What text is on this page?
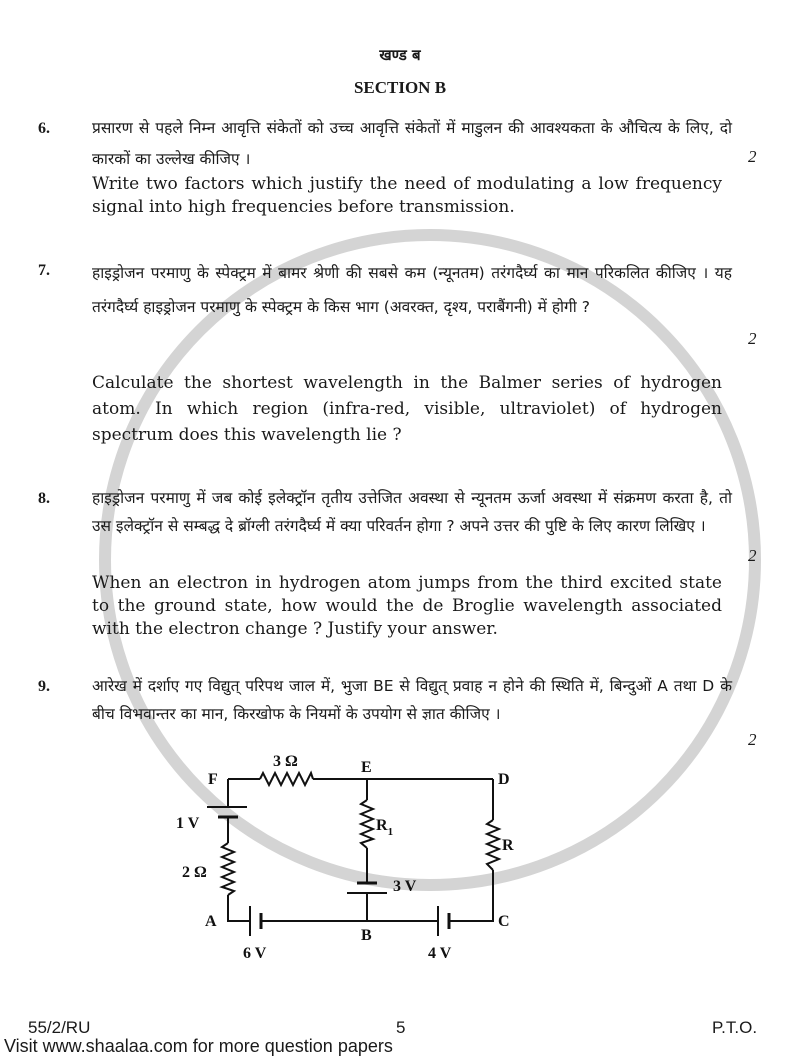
खण्ड ब
SECTION B
6.	प्रसारण से पहले निम्न आवृत्ति संकेतों को उच्च आवृत्ति संकेतों में माडुलन की आवश्यकता के औचित्य के लिए, दो कारकों का उल्लेख कीजिए ।	2
Write two factors which justify the need of modulating a low frequency signal into high frequencies before transmission.
7.	हाइड्रोजन परमाणु के स्पेक्ट्रम में बामर श्रेणी की सबसे कम (न्यूनतम) तरंगदैर्घ्य का मान परिकलित कीजिए । यह तरंगदैर्घ्य हाइड्रोजन परमाणु के स्पेक्ट्रम के किस भाग (अवरक्त, दृश्य, पराबैंगनी) में होगी ?
2
Calculate the shortest wavelength in the Balmer series of hydrogen atom. In which region (infra-red, visible, ultraviolet) of hydrogen spectrum does this wavelength lie ?
8.	हाइड्रोजन परमाणु में जब कोई इलेक्ट्रॉन तृतीय उत्तेजित अवस्था से न्यूनतम ऊर्जा अवस्था में संक्रमण करता है, तो उस इलेक्ट्रॉन से सम्बद्ध दे ब्रॉग्ली तरंगदैर्घ्य में क्या परिवर्तन होगा ? अपने उत्तर की पुष्टि के लिए कारण लिखिए ।
2
When an electron in hydrogen atom jumps from the third excited state to the ground state, how would the de Broglie wavelength associated with the electron change ? Justify your answer.
9.	आरेख में दर्शाए गए विद्युत् परिपथ जाल में, भुजा BE से विद्युत् प्रवाह न होने की स्थिति में, बिन्दुओं A तथा D के बीच विभवान्तर का मान, किरखोफ के नियमों के उपयोग से ज्ञात कीजिए ।
2
F
E
D
A
B
C
3 Ω
1 V
2 Ω
$R_1$
R
3 V
6 V	4 V
55/2/RU	5	P.T.O.
Visit www.shaalaa.com for more question papers
